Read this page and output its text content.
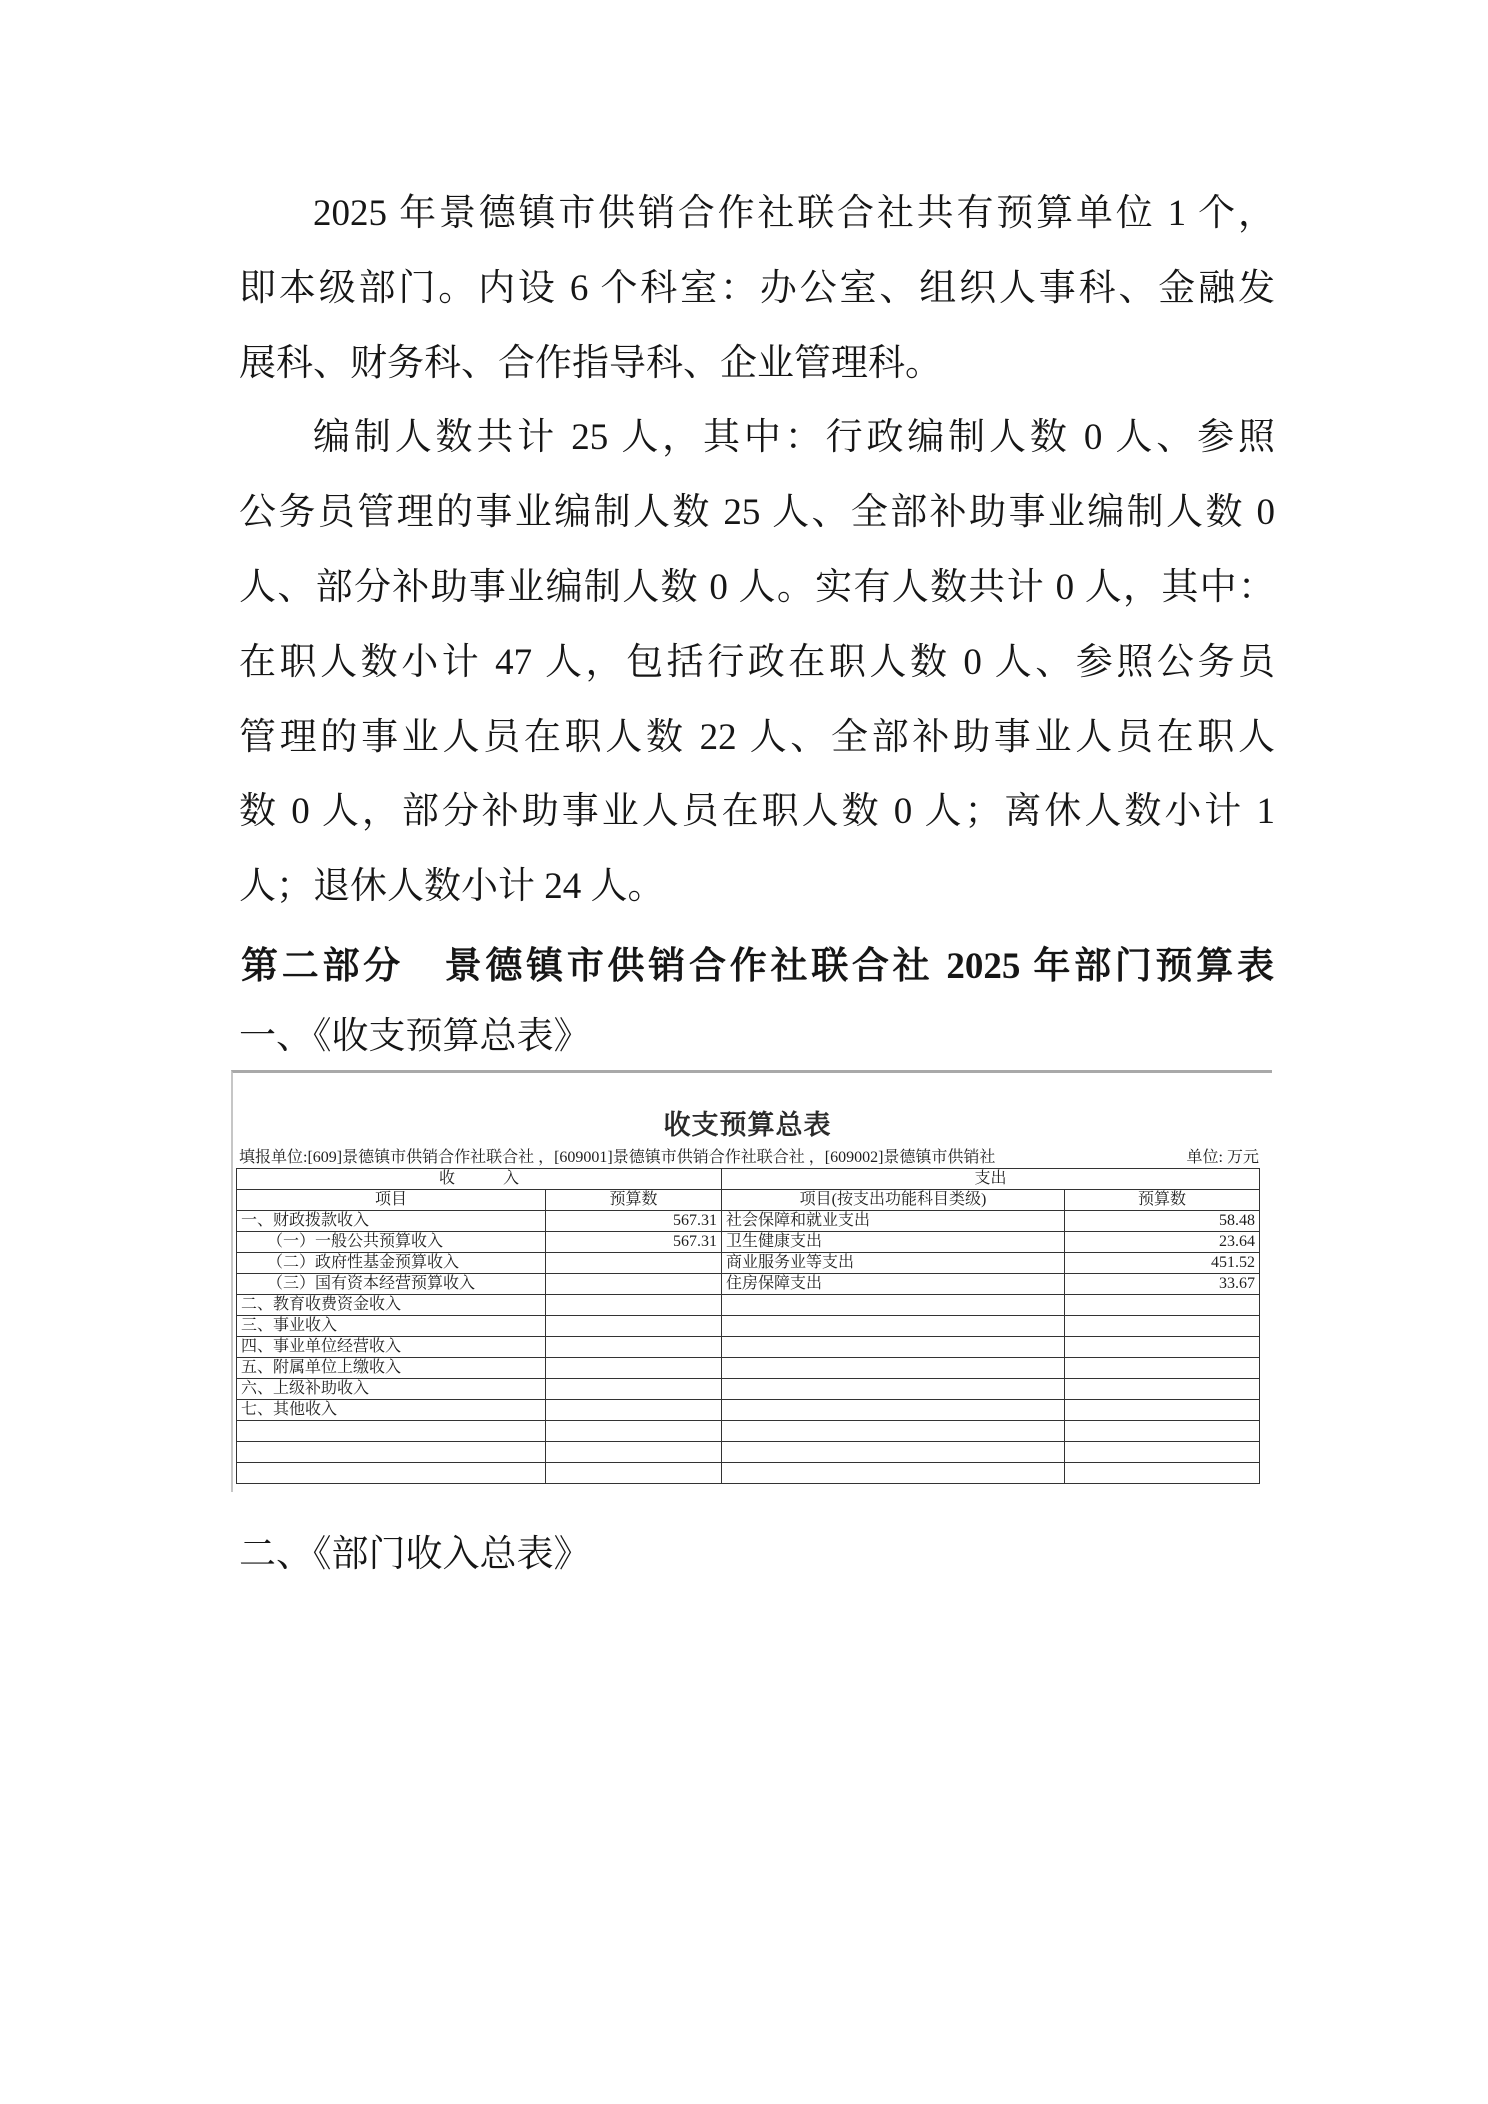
2025 年景德镇市供销合作社联合社共有预算单位 1 个，
即本级部门。内设 6 个科室：办公室、组织人事科、金融发
展科、财务科、合作指导科、企业管理科。
编制人数共计 25 人，其中：行政编制人数 0 人、参照
公务员管理的事业编制人数 25 人、全部补助事业编制人数 0
人、部分补助事业编制人数 0 人。实有人数共计 0 人，其中：
在职人数小计 47 人，包括行政在职人数 0 人、参照公务员
管理的事业人员在职人数 22 人、全部补助事业人员在职人
数 0 人，部分补助事业人员在职人数 0 人；离休人数小计 1
人；退休人数小计 24 人。
第二部分　景德镇市供销合作社联合社 2025 年部门预算表
一、《收支预算总表》
收支预算总表
填报单位:[609]景德镇市供销合作社联合社 ，[609001]景德镇市供销合作社联合社 ，[609002]景德镇市供销社	单位: 万元
收　　　入		支出	
项目	预算数	项目(按支出功能科目类级)	预算数
一、财政拨款收入	567.31	社会保障和就业支出	58.48
（一）一般公共预算收入	567.31	卫生健康支出	23.64
（二）政府性基金预算收入		商业服务业等支出	451.52
（三）国有资本经营预算收入		住房保障支出	33.67
二、教育收费资金收入			
三、事业收入			
四、事业单位经营收入			
五、附属单位上缴收入			
六、上级补助收入			
七、其他收入			

二、《部门收入总表》
